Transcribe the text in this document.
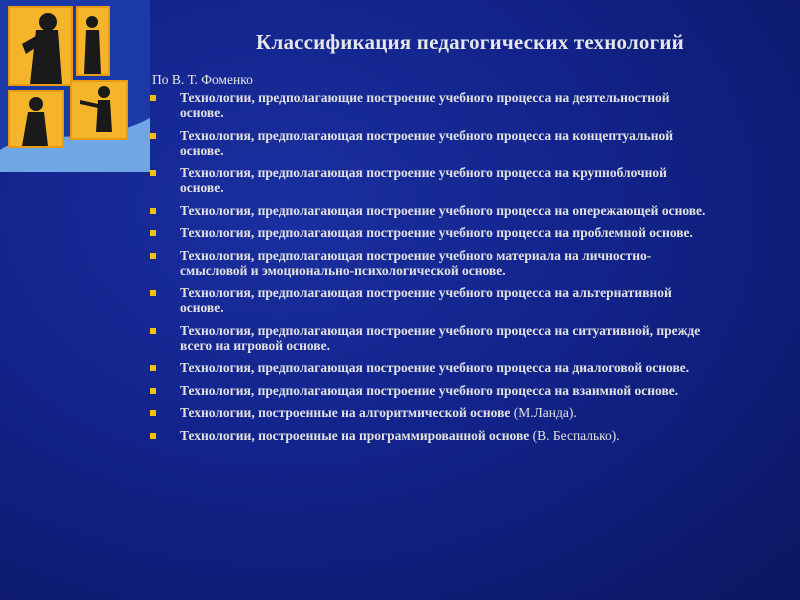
Классификация педагогических технологий
По В. Т. Фоменко
Технологии, предполагающие построение учебного процесса на деятельностной основе.
Технология, предполагающая построение учебного процесса на концептуальной основе.
Технология, предполагающая построение учебного процесса на крупноблочной основе.
Технология, предполагающая построение учебного процесса на опережающей основе.
Технология, предполагающая построение учебного процесса на проблемной основе.
Технология, предполагающая построение учебного материала на личностно-смысловой и эмоционально-психологической основе.
Технология, предполагающая построение учебного процесса на альтернативной основе.
Технология, предполагающая построение учебного процесса на ситуативной, прежде всего на игровой основе.
Технология, предполагающая построение учебного процесса на диалоговой основе.
Технология, предполагающая построение учебного процесса на взаимной основе.
Технологии, построенные на алгоритмической основе (М.Ланда).
Технологии, построенные на программированной основе (В. Беспалько).
